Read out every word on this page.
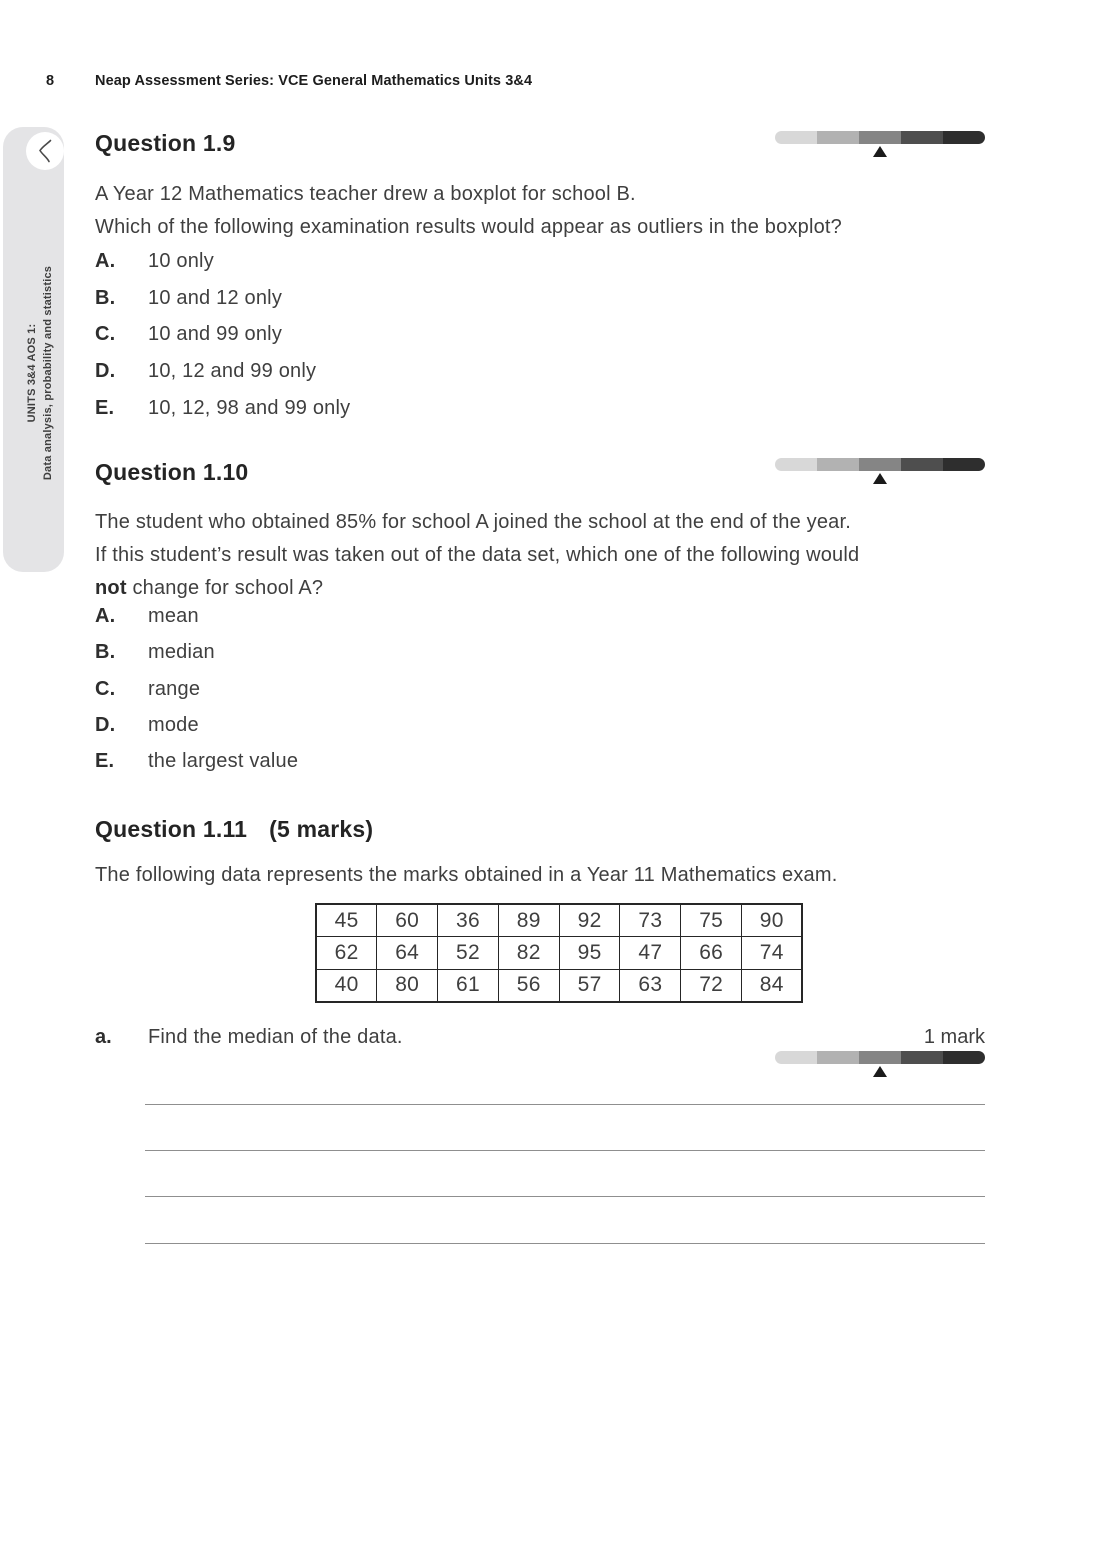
8	Neap Assessment Series: VCE General Mathematics Units 3&4
UNITS 3&4 AOS 1: Data analysis, probability and statistics
Question 1.9

A Year 12 Mathematics teacher drew a boxplot for school B.

Which of the following examination results would appear as outliers in the boxplot?

A. 10 only
B. 10 and 12 only
C. 10 and 99 only
D. 10, 12 and 99 only
E. 10, 12, 98 and 99 only
Question 1.10

The student who obtained 85% for school A joined the school at the end of the year.

If this student’s result was taken out of the data set, which one of the following would

not change for school A?

A. mean
B. median
C. range
D. mode
E. the largest value
Question 1.11 (5 marks)

The following data represents the marks obtained in a Year 11 Mathematics exam.

45	60	36	89	92	73	75	90
62	64	52	82	95	47	66	74
40	80	61	56	57	63	72	84
a. Find the median of the data.	1 mark
